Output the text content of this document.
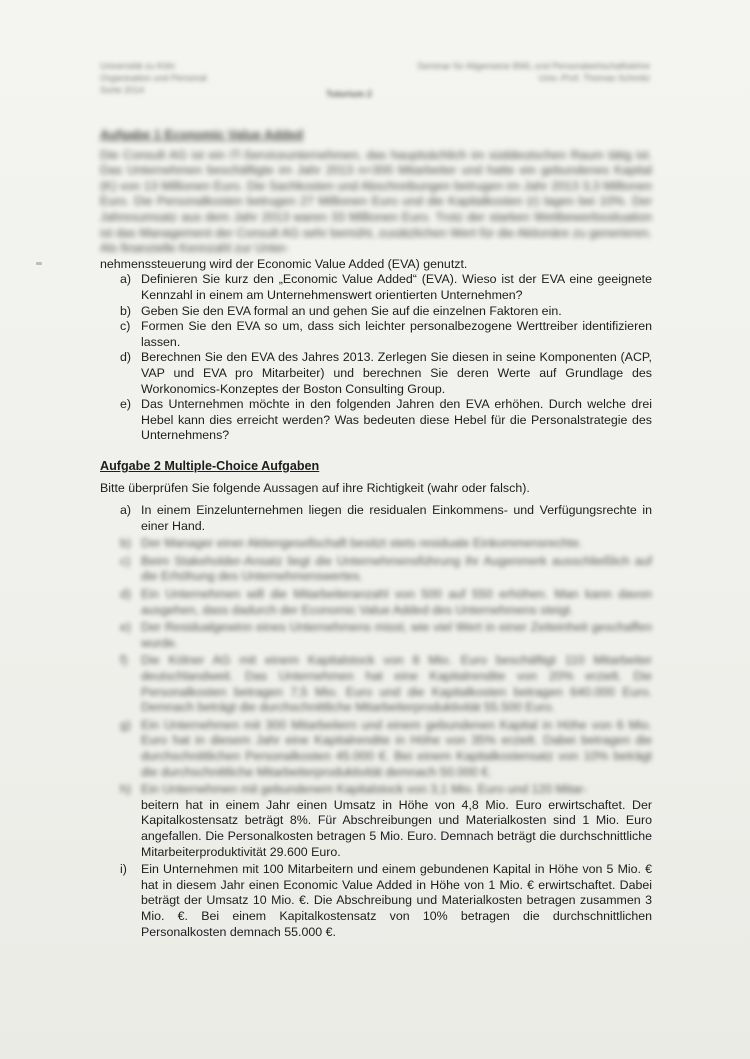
Universität zu Köln
Organisation und Personal
Sorte 2014
Seminar für Allgemeine BWL und Personalwirtschaftslehre
Univ.-Prof. Thomas Schmitz
Tutorium 2
Aufgabe 1 Economic Value Added

Die Consult AG ist ein IT-Serviceunternehmen, das hauptsächlich im süddeutschen Raum tätig ist. Das Unternehmen beschäftigte im Jahr 2013 n=300 Mitarbeiter und hatte ein gebundenes Kapital (K) von 13 Millionen Euro. Die Sachkosten und Abschreibungen betrugen im Jahr 2013 3,3 Millionen Euro. Die Personalkosten betrugen 27 Millionen Euro und die Kapitalkosten (r) lagen bei 10%. Der Jahresumsatz aus dem Jahr 2013 waren 33 Millionen Euro. Trotz der starken Wettbewerbssituation ist das Management der Consult AG sehr bemüht, zusätzlichen Wert für die Aktionäre zu generieren. Als finanzielle Kennzahl zur Unter-

nehmenssteuerung wird der Economic Value Added (EVA) genutzt.

a) Definieren Sie kurz den „Economic Value Added“ (EVA). Wieso ist der EVA eine geeignete Kennzahl in einem am Unternehmenswert orientierten Unternehmen?
b) Geben Sie den EVA formal an und gehen Sie auf die einzelnen Faktoren ein.
c) Formen Sie den EVA so um, dass sich leichter personalbezogene Werttreiber identifizieren lassen.
d) Berechnen Sie den EVA des Jahres 2013. Zerlegen Sie diesen in seine Komponenten (ACP, VAP und EVA pro Mitarbeiter) und berechnen Sie deren Werte auf Grundlage des Workonomics-Konzeptes der Boston Consulting Group.
e) Das Unternehmen möchte in den folgenden Jahren den EVA erhöhen. Durch welche drei Hebel kann dies erreicht werden? Was bedeuten diese Hebel für die Personalstrategie des Unternehmens?
Aufgabe 2 Multiple-Choice Aufgaben

Bitte überprüfen Sie folgende Aussagen auf ihre Richtigkeit (wahr oder falsch).

a) In einem Einzelunternehmen liegen die residualen Einkommens- und Verfügungsrechte in einer Hand.
b) Der Manager einer Aktiengesellschaft besitzt stets residuale Einkommensrechte.
c) Beim Stakeholder-Ansatz liegt die Unternehmensführung ihr Augenmerk ausschließlich auf die Erhöhung des Unternehmenswertes.
d) Ein Unternehmen will die Mitarbeiteranzahl von 500 auf 550 erhöhen. Man kann davon ausgehen, dass dadurch der Economic Value Added des Unternehmens steigt.
e) Der Residualgewinn eines Unternehmens misst, wie viel Wert in einer Zeiteinheit geschaffen wurde.
f) Die Kölner AG mit einem Kapitalstock von 8 Mio. Euro beschäftigt 110 Mitarbeiter deutschlandweit. Das Unternehmen hat eine Kapitalrendite von 20% erzielt. Die Personalkosten betragen 7,5 Mio. Euro und die Kapitalkosten betragen 640.000 Euro. Demnach beträgt die durchschnittliche Mitarbeiterproduktivität 55.500 Euro.
g) Ein Unternehmen mit 300 Mitarbeitern und einem gebundenen Kapital in Höhe von 6 Mio. Euro hat in diesem Jahr eine Kapitalrendite in Höhe von 35% erzielt. Dabei betragen die durchschnittlichen Personalkosten 45.000 €. Bei einem Kapitalkostensatz von 10% beträgt die durchschnittliche Mitarbeiterproduktivität demnach 50.000 €.
h) Ein Unternehmen mit gebundenem Kapitalstock von 3,1 Mio. Euro und 120 Mitar-
beitern hat in einem Jahr einen Umsatz in Höhe von 4,8 Mio. Euro erwirtschaftet. Der Kapitalkostensatz beträgt 8%. Für Abschreibungen und Materialkosten sind 1 Mio. Euro angefallen. Die Personalkosten betragen 5 Mio. Euro. Demnach beträgt die durchschnittliche Mitarbeiterproduktivität 29.600 Euro.
i) Ein Unternehmen mit 100 Mitarbeitern und einem gebundenen Kapital in Höhe von 5 Mio. € hat in diesem Jahr einen Economic Value Added in Höhe von 1 Mio. € erwirtschaftet. Dabei beträgt der Umsatz 10 Mio. €. Die Abschreibung und Materialkosten betragen zusammen 3 Mio. €. Bei einem Kapitalkostensatz von 10% betragen die durchschnittlichen Personalkosten demnach 55.000 €.
